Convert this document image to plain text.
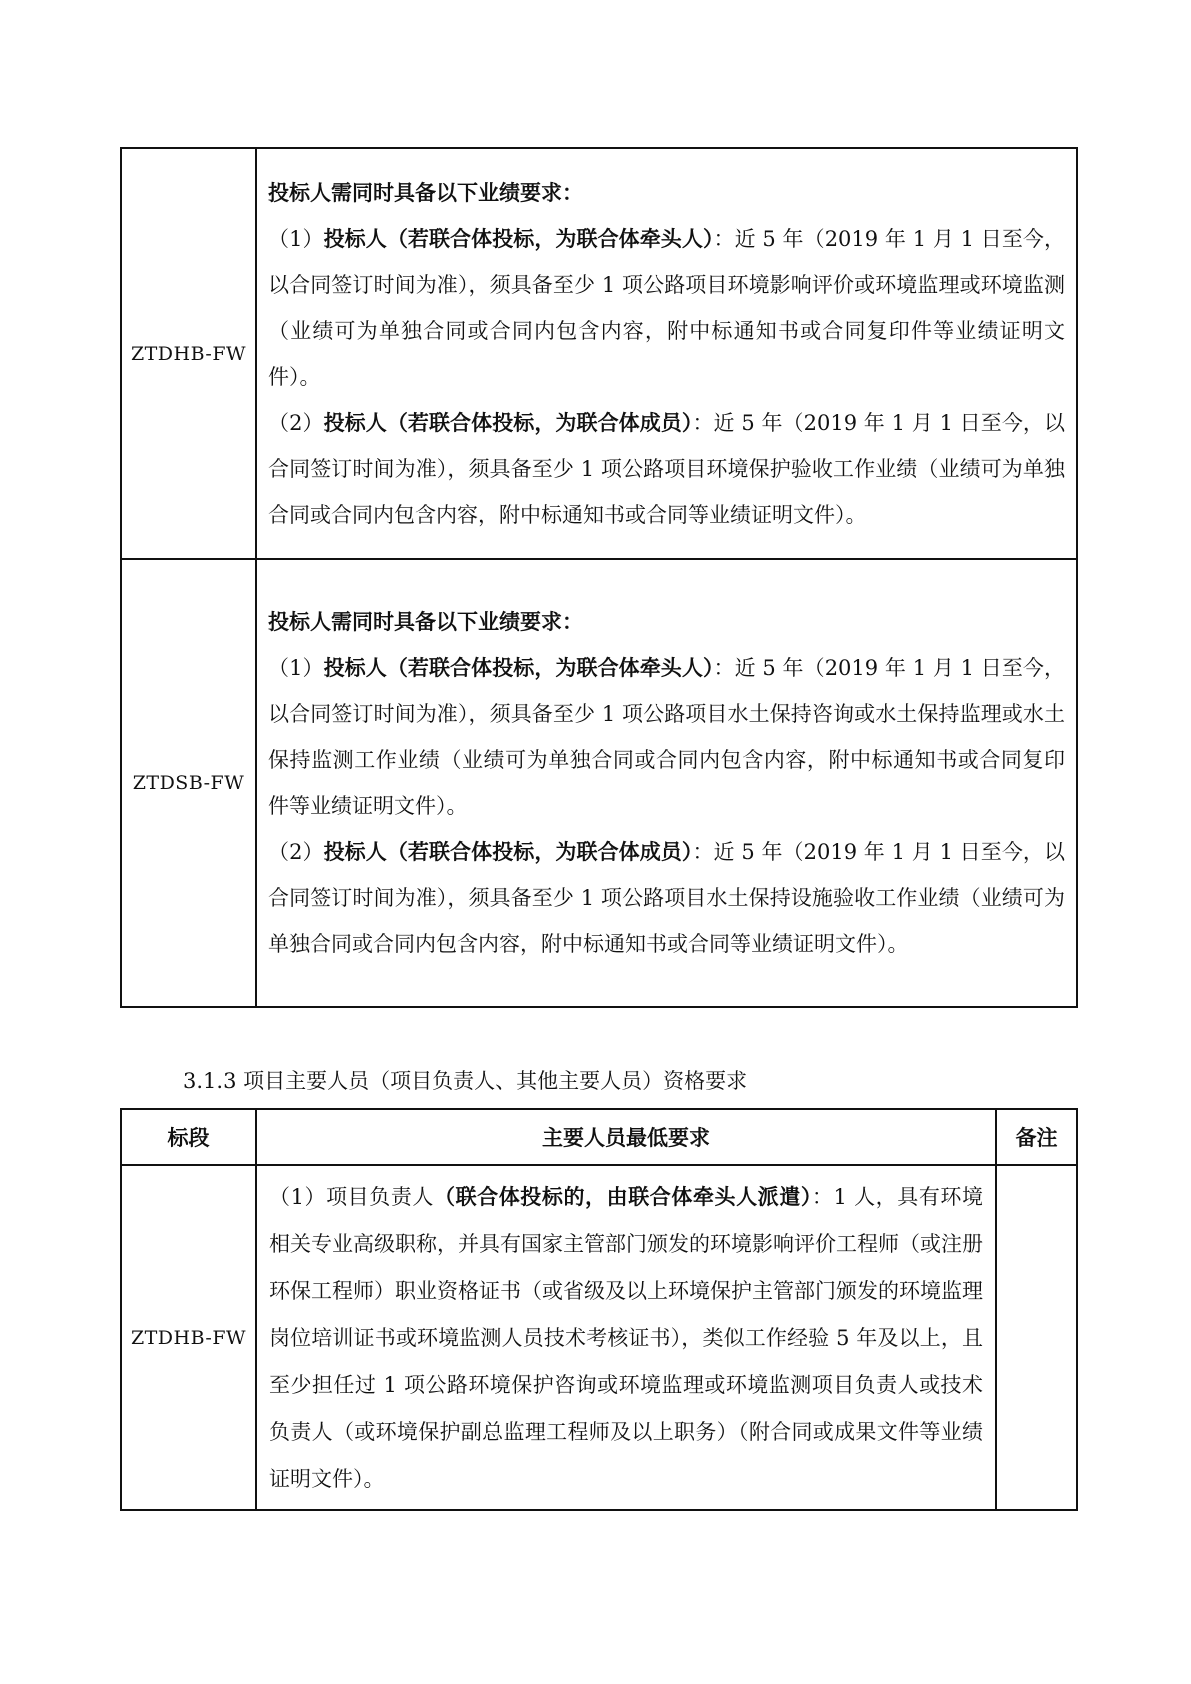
ZTDHB-FW	投标人需同时具备以下业绩要求：

（1）投标人（若联合体投标，为联合体牵头人）：近 5 年（2019 年 1 月 1 日至今，以合同签订时间为准），须具备至少 1 项公路项目环境影响评价或环境监理或环境监测（业绩可为单独合同或合同内包含内容，附中标通知书或合同复印件等业绩证明文件）。

（2）投标人（若联合体投标，为联合体成员）：近 5 年（2019 年 1 月 1 日至今，以合同签订时间为准），须具备至少 1 项公路项目环境保护验收工作业绩（业绩可为单独合同或合同内包含内容，附中标通知书或合同等业绩证明文件）。

ZTDSB-FW	投标人需同时具备以下业绩要求：

（1）投标人（若联合体投标，为联合体牵头人）：近 5 年（2019 年 1 月 1 日至今，以合同签订时间为准），须具备至少 1 项公路项目水土保持咨询或水土保持监理或水土保持监测工作业绩（业绩可为单独合同或合同内包含内容，附中标通知书或合同复印件等业绩证明文件）。

（2）投标人（若联合体投标，为联合体成员）：近 5 年（2019 年 1 月 1 日至今，以合同签订时间为准），须具备至少 1 项公路项目水土保持设施验收工作业绩（业绩可为单独合同或合同内包含内容，附中标通知书或合同等业绩证明文件）。

3.1.3 项目主要人员（项目负责人、其他主要人员）资格要求
标段	主要人员最低要求	备注
ZTDHB-FW	（1）项目负责人（联合体投标的，由联合体牵头人派遣）：1 人，具有环境相关专业高级职称，并具有国家主管部门颁发的环境影响评价工程师（或注册环保工程师）职业资格证书（或省级及以上环境保护主管部门颁发的环境监理岗位培训证书或环境监测人员技术考核证书），类似工作经验 5 年及以上，且至少担任过 1 项公路环境保护咨询或环境监理或环境监测项目负责人或技术负责人（或环境保护副总监理工程师及以上职务）（附合同或成果文件等业绩证明文件）。	
